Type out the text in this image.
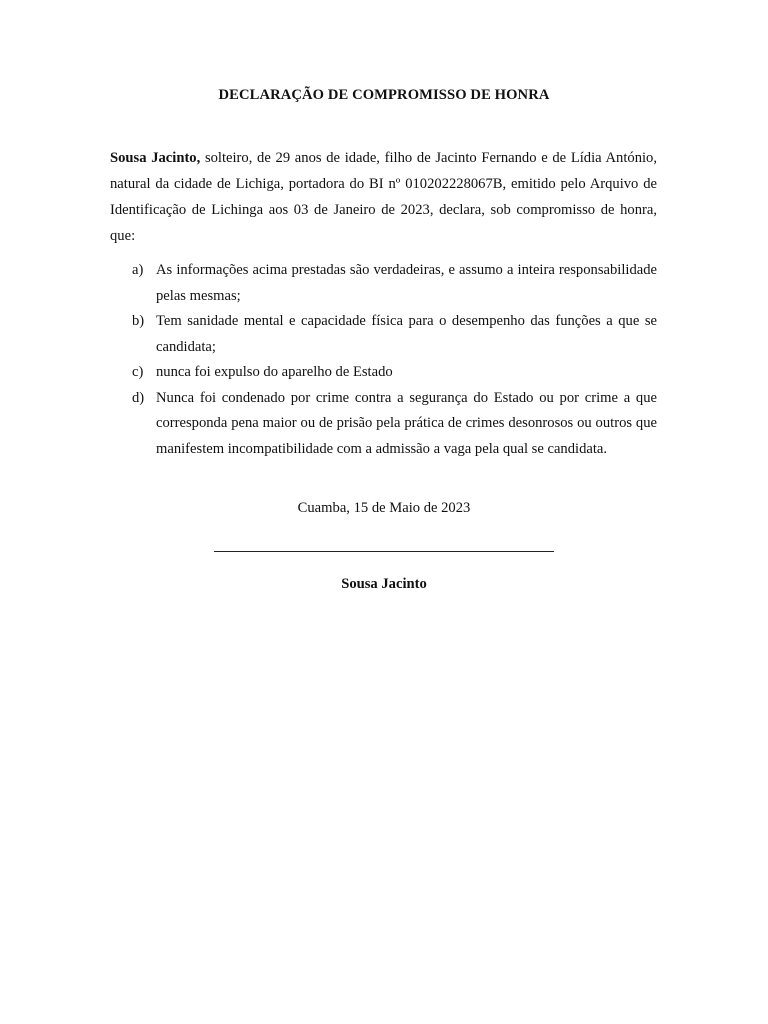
DECLARAÇÃO DE COMPROMISSO DE HONRA

Sousa Jacinto, solteiro, de 29 anos de idade, filho de Jacinto Fernando e de Lídia António, natural da cidade de Lichiga, portadora do BI nº 010202228067B, emitido pelo Arquivo de Identificação de Lichinga aos 03 de Janeiro de 2023, declara, sob compromisso de honra, que:

a) As informações acima prestadas são verdadeiras, e assumo a inteira responsabilidade pelas mesmas;
b) Tem sanidade mental e capacidade física para o desempenho das funções a que se candidata;
c) nunca foi expulso do aparelho de Estado
d) Nunca foi condenado por crime contra a segurança do Estado ou por crime a que corresponda pena maior ou de prisão pela prática de crimes desonrosos ou outros que manifestem incompatibilidade com a admissão a vaga pela qual se candidata.
Cuamba, 15 de Maio de 2023
Sousa Jacinto
